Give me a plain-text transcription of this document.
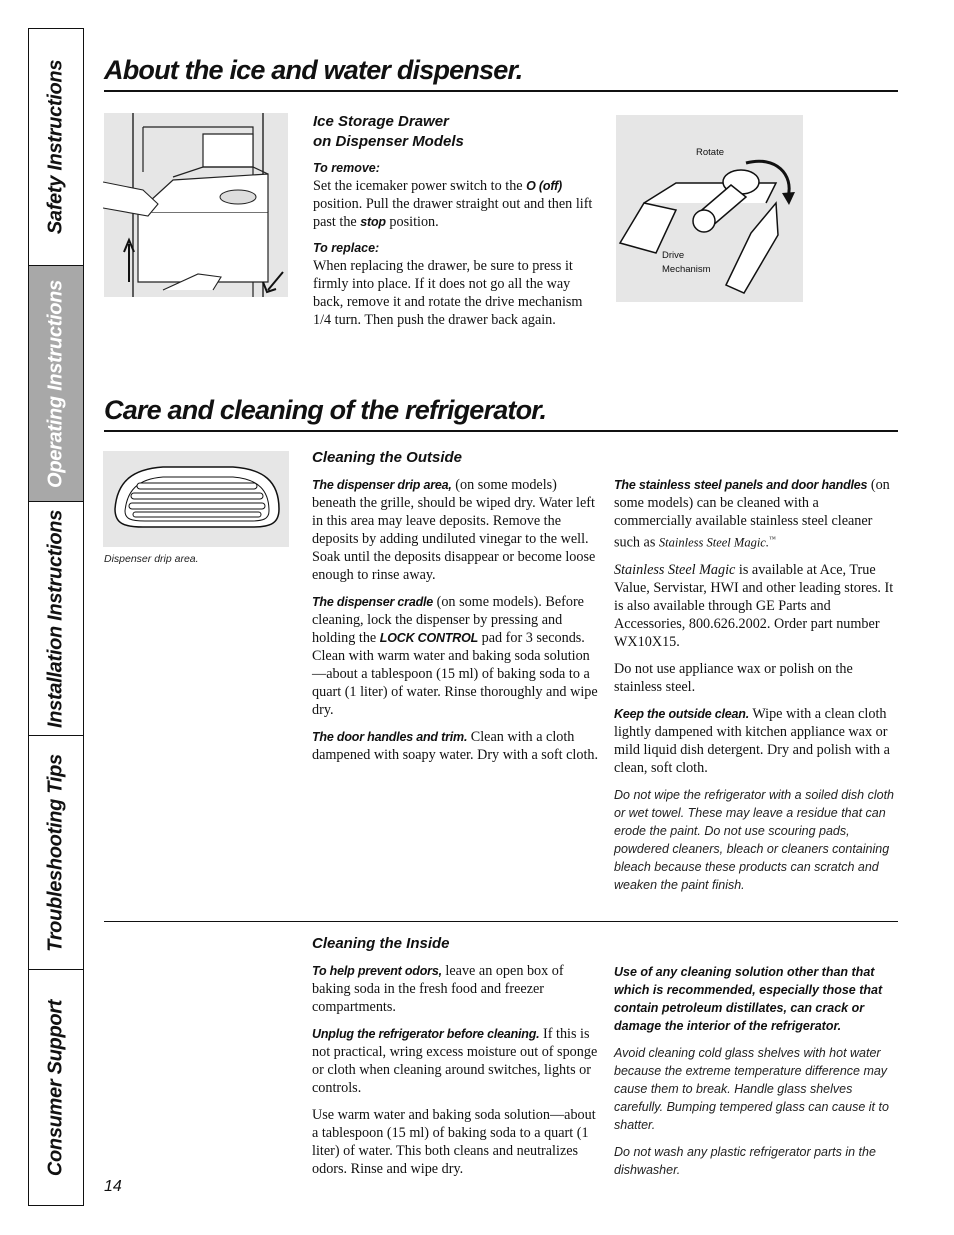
Safety Instructions
Operating Instructions
Installation Instructions
Troubleshooting Tips
Consumer Support
About the ice and water dispenser.
Ice Storage Drawer
on Dispenser Models
To remove:

Set the icemaker power switch to the O (off) position. Pull the drawer straight out and then lift past the stop position.

To replace:

When replacing the drawer, be sure to press it firmly into place. If it does not go all the way back, remove it and rotate the drive mechanism 1/4 turn. Then push the drawer back again.

Rotate
Drive
Mechanism
Care and cleaning of the refrigerator.
Dispenser drip area.
Cleaning the Outside

The dispenser drip area, (on some models) beneath the grille, should be wiped dry. Water left in this area may leave deposits. Remove the deposits by adding undiluted vinegar to the well. Soak until the deposits disappear or become loose enough to rinse away.

The dispenser cradle (on some models). Before cleaning, lock the dispenser by pressing and holding the LOCK CONTROL pad for 3 seconds. Clean with warm water and baking soda solution—about a tablespoon (15 ml) of baking soda to a quart (1 liter) of water. Rinse thoroughly and wipe dry.

The door handles and trim. Clean with a cloth dampened with soapy water. Dry with a soft cloth.

The stainless steel panels and door handles (on some models) can be cleaned with a commercially available stainless steel cleaner such as Stainless Steel Magic.™

Stainless Steel Magic is available at Ace, True Value, Servistar, HWI and other leading stores. It is also available through GE Parts and Accessories, 800.626.2002. Order part number WX10X15.

Do not use appliance wax or polish on the stainless steel.

Keep the outside clean. Wipe with a clean cloth lightly dampened with kitchen appliance wax or mild liquid dish detergent. Dry and polish with a clean, soft cloth.

Do not wipe the refrigerator with a soiled dish cloth or wet towel. These may leave a residue that can erode the paint. Do not use scouring pads, powdered cleaners, bleach or cleaners containing bleach because these products can scratch and weaken the paint finish.

Cleaning the Inside

To help prevent odors, leave an open box of baking soda in the fresh food and freezer compartments.

Unplug the refrigerator before cleaning. If this is not practical, wring excess moisture out of sponge or cloth when cleaning around switches, lights or controls.

Use warm water and baking soda solution—about a tablespoon (15 ml) of baking soda to a quart (1 liter) of water. This both cleans and neutralizes odors. Rinse and wipe dry.

Use of any cleaning solution other than that which is recommended, especially those that contain petroleum distillates, can crack or damage the interior of the refrigerator.

Avoid cleaning cold glass shelves with hot water because the extreme temperature difference may cause them to break. Handle glass shelves carefully. Bumping tempered glass can cause it to shatter.

Do not wash any plastic refrigerator parts in the dishwasher.

14
